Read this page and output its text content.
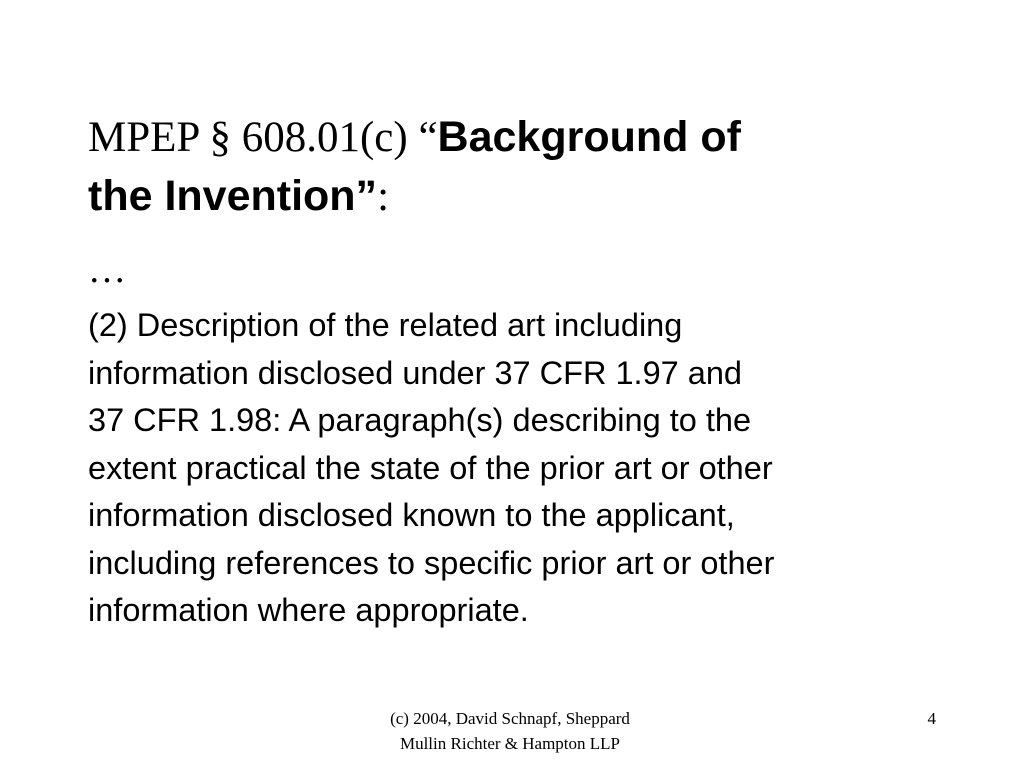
MPEP § 608.01(c) “Background of
the Invention”:
…
(2) Description of the related art including
information disclosed under 37 CFR 1.97 and
37 CFR 1.98: A paragraph(s) describing to the
extent practical the state of the prior art or other
information disclosed known to the applicant,
including references to specific prior art or other
information where appropriate.
(c) 2004, David Schnapf, Sheppard
Mullin Richter & Hampton LLP
4
